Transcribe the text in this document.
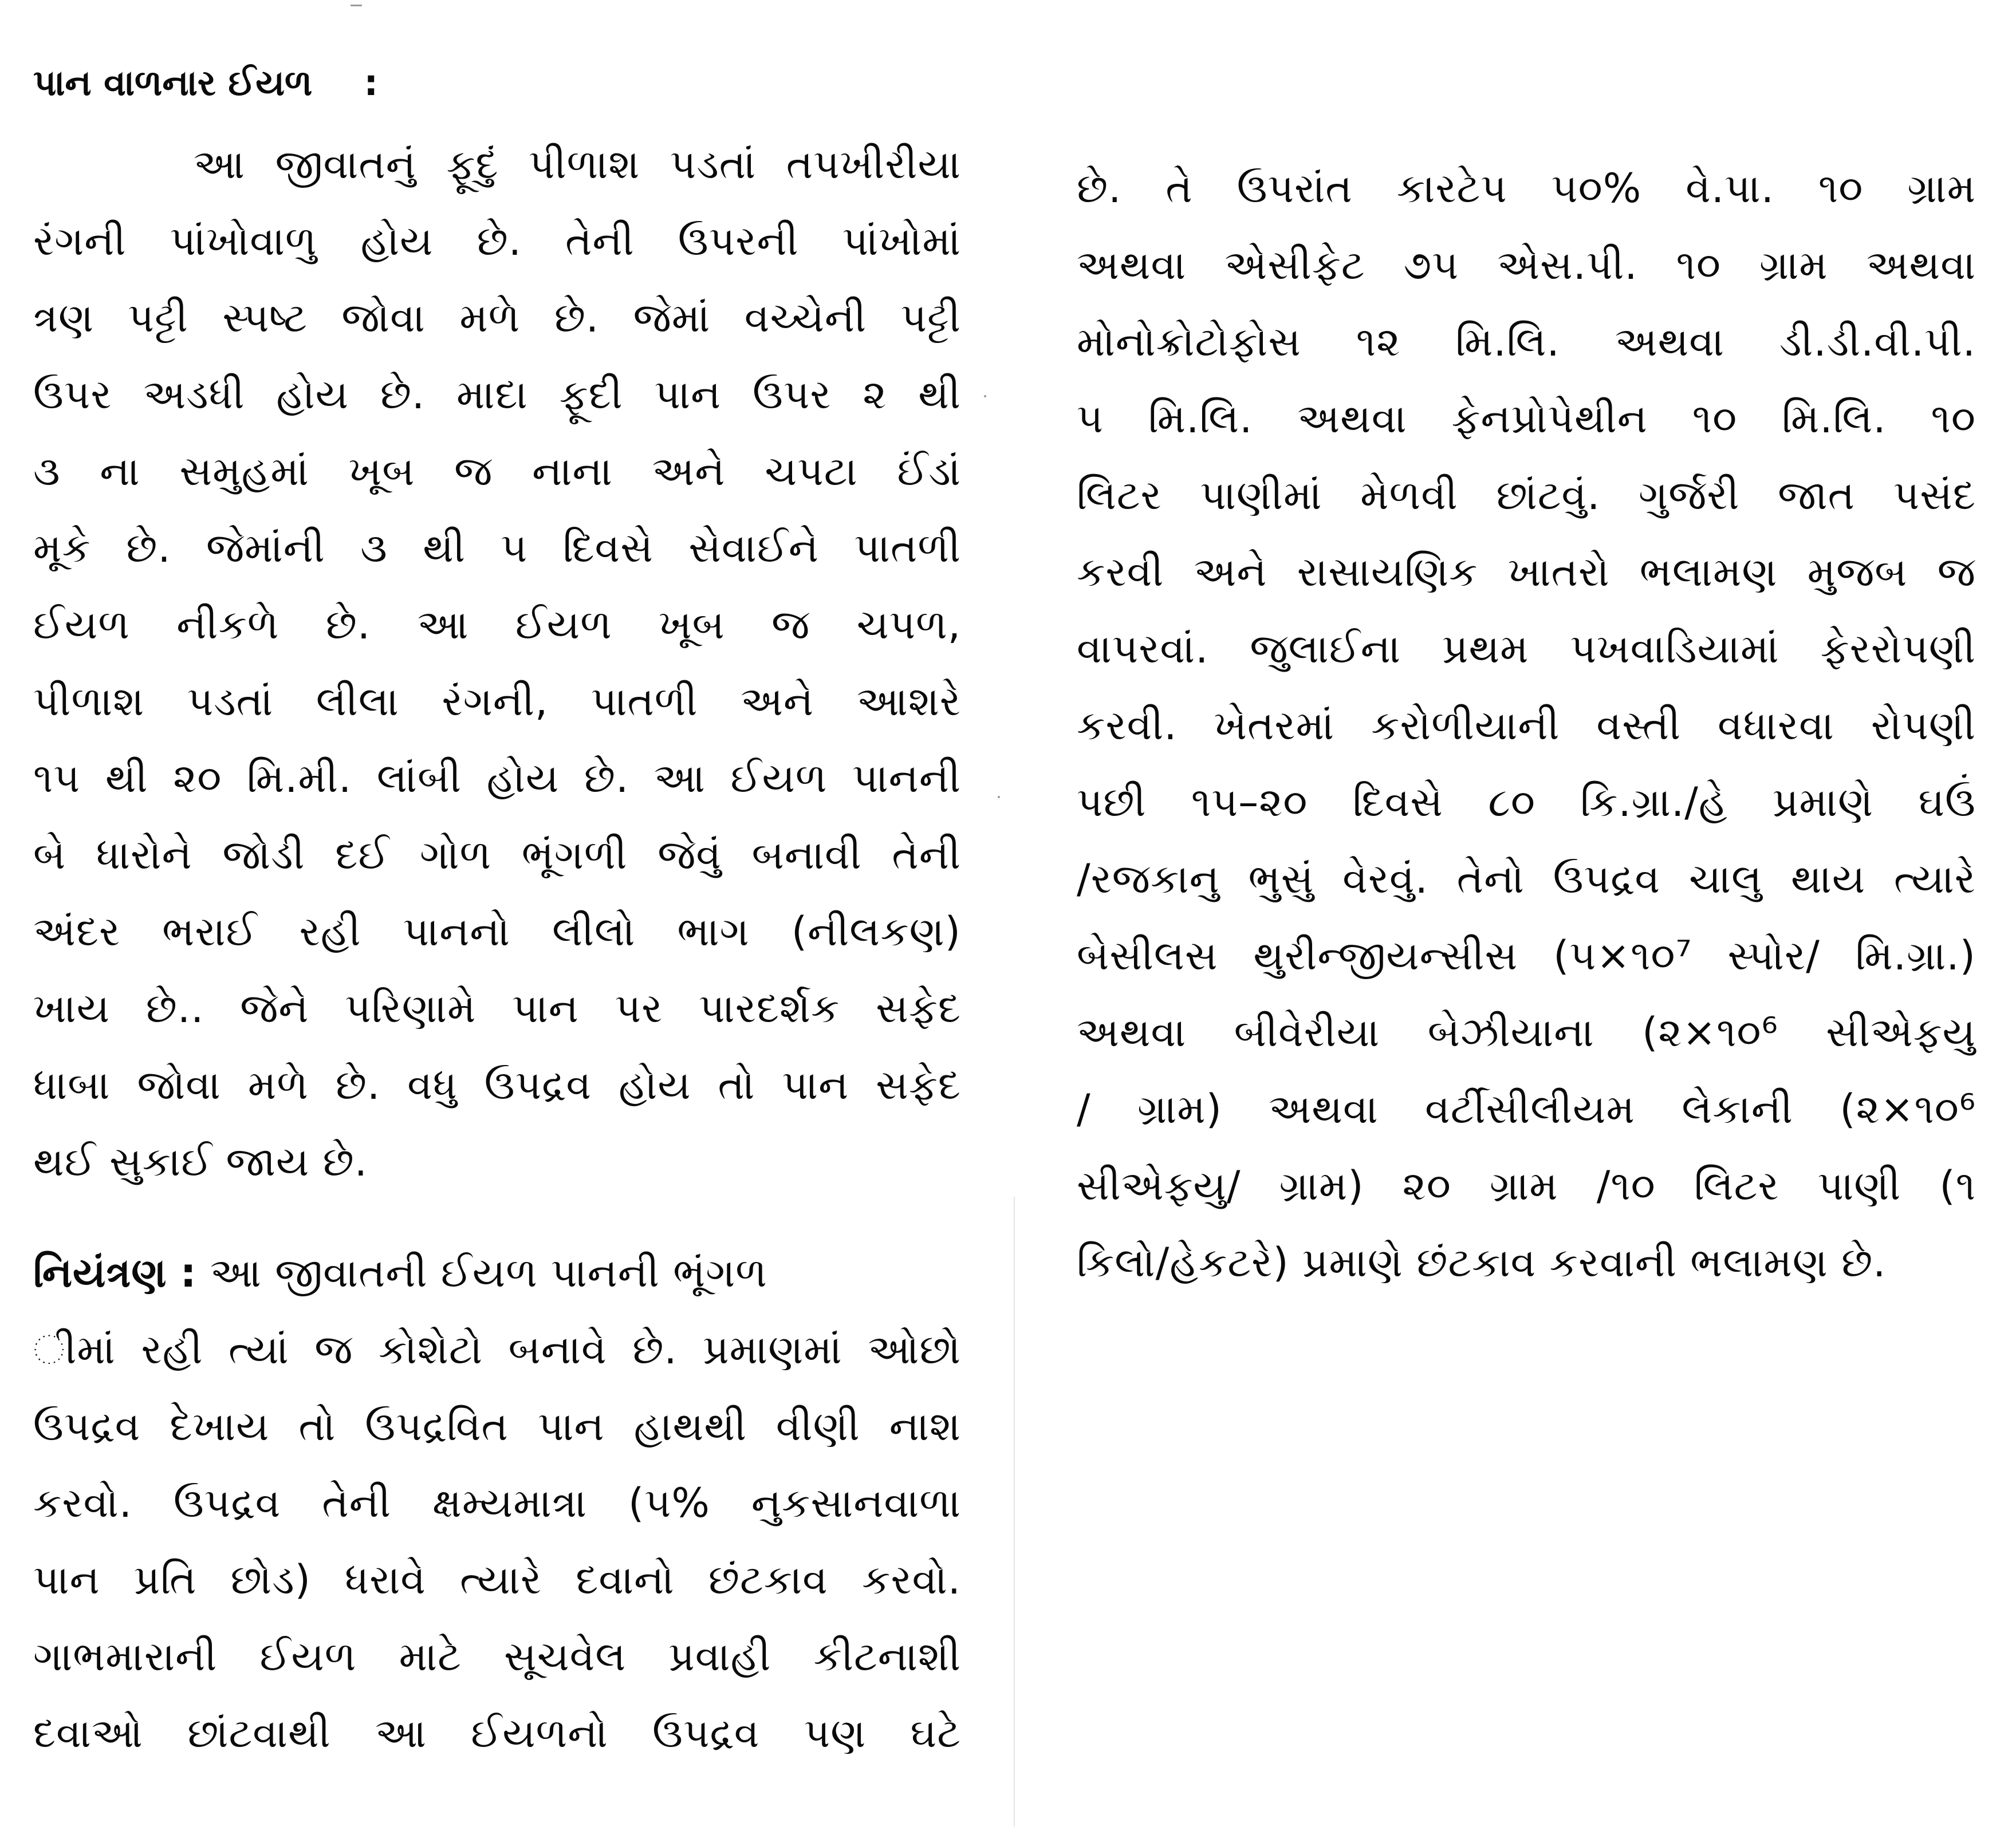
પાન વાળનાર ઈયળ :
આ જીવાતનું ફૂદું પીળાશ પડતાં તપખીરીયા
રંગની પાંખોવાળુ હોય છે. તેની ઉપરની પાંખોમાં
ત્રણ પટ્ટી સ્પષ્ટ જોવા મળે છે. જેમાં વચ્ચેની પટ્ટી
ઉપર અડધી હોય છે. માદા ફૂદી પાન ઉપર ૨ થી
૩ ના સમુહમાં ખૂબ જ નાના અને ચપટા ઈંડાં
મૂકે છે. જેમાંની ૩ થી ૫ દિવસે સેવાઈને પાતળી
ઈયળ નીકળે છે. આ ઈયળ ખૂબ જ ચપળ,
પીળાશ પડતાં લીલા રંગની, પાતળી અને આશરે
૧૫ થી ૨૦ મિ.મી. લાંબી હોય છે. આ ઈયળ પાનની
બે ધારોને જોડી દઈ ગોળ ભૂંગળી જેવું બનાવી તેની
અંદર ભરાઈ રહી પાનનો લીલો ભાગ (નીલકણ)
ખાય છે.. જેને પરિણામે પાન પર પારદર્શક સફેદ
ધાબા જોવા મળે છે. વધુ ઉપદ્રવ હોય તો પાન સફેદ
થઈ સુકાઈ જાય છે.
નિયંત્રણ : આ જીવાતની ઈયળ પાનની ભૂંગળ
ીમાં રહી ત્યાં જ કોશેટો બનાવે છે. પ્રમાણમાં ઓછો
ઉપદ્રવ દેખાય તો ઉપદ્રવિત પાન હાથથી વીણી નાશ
કરવો. ઉપદ્રવ તેની ક્ષમ્યમાત્રા (૫% નુકસાનવાળા
પાન પ્રતિ છોડ) ધરાવે ત્યારે દવાનો છંટકાવ કરવો.
ગાભમારાની ઈયળ માટે સૂચવેલ પ્રવાહી કીટનાશી
દવાઓ છાંટવાથી આ ઈયળનો ઉપદ્રવ પણ ઘટે
છે. તે ઉપરાંત કારટેપ ૫૦% વે.પા. ૧૦ ગ્રામ
અથવા એસીફેટ ૭૫ એસ.પી. ૧૦ ગ્રામ અથવા
મોનોક્રોટોફોસ ૧૨ મિ.લિ. અથવા ડી.ડી.વી.પી.
૫ મિ.લિ. અથવા ફેનપ્રોપેથીન ૧૦ મિ.લિ. ૧૦
લિટર પાણીમાં મેળવી છાંટવું. ગુર્જરી જાત પસંદ
કરવી અને રાસાયણિક ખાતરો ભલામણ મુજબ જ
વાપરવાં. જુલાઈના પ્રથમ પખવાડિયામાં ફેરરોપણી
કરવી. ખેતરમાં કરોળીયાની વસ્તી વધારવા રોપણી
પછી ૧૫–૨૦ દિવસે ૮૦ કિ.ગ્રા./હે પ્રમાણે ઘઉં
/રજકાનુ ભુસું વેરવું. તેનો ઉપદ્રવ ચાલુ થાય ત્યારે
બેસીલસ થુરીન્જીયન્સીસ (૫×૧૦⁷ સ્પોર/ મિ.ગ્રા.)
અથવા બીવેરીયા બેઝીયાના (૨×૧૦⁶ સીએફયુ
/ ગ્રામ) અથવા વર્ટીસીલીયમ લેકાની (૨×૧૦⁶
સીએફયુ/ ગ્રામ) ૨૦ ગ્રામ /૧૦ લિટર પાણી (૧
કિલો/હેકટરે) પ્રમાણે છંટકાવ કરવાની ભલામણ છે.
